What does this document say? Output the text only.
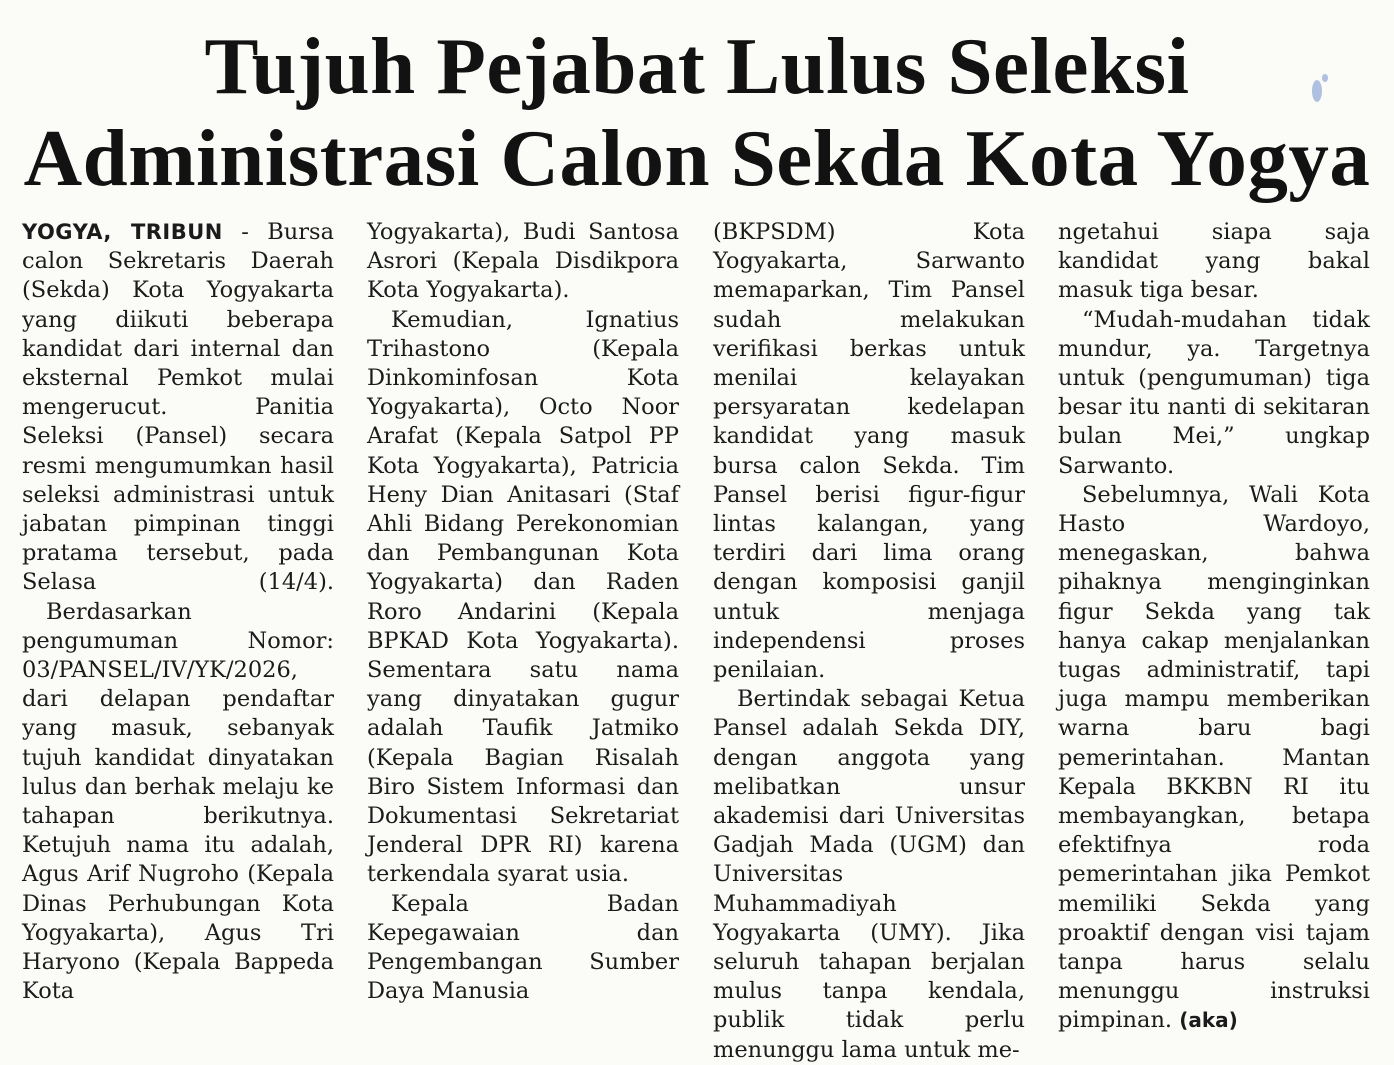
Tujuh Pejabat Lulus Seleksi
Administrasi Calon Sekda Kota Yogya

YOGYA, TRIBUN - Bursa calon Sekretaris Daerah (Sekda) Kota Yogyakarta yang diikuti beberapa kandidat dari internal dan eksternal Pemkot mulai mengerucut. Panitia Seleksi (Pansel) secara resmi mengumumkan hasil seleksi administrasi untuk jabatan pimpinan tinggi pratama tersebut, pada Selasa (14/4).

Berdasarkan pengumuman Nomor: 03/PANSEL/IV/YK/2026, dari delapan pendaftar yang masuk, sebanyak tujuh kandidat dinyatakan lulus dan berhak melaju ke tahapan berikutnya. Ketujuh nama itu adalah, Agus Arif Nugroho (Kepala Dinas Perhubungan Kota Yogyakarta), Agus Tri Haryono (Kepala Bappeda Kota

Yogyakarta), Budi Santosa Asrori (Kepala Disdikpora Kota Yogyakarta).

Kemudian, Ignatius Trihastono (Kepala Dinkominfosan Kota Yogyakarta), Octo Noor Arafat (Kepala Satpol PP Kota Yogyakarta), Patricia Heny Dian Anitasari (Staf Ahli Bidang Perekonomian dan Pembangunan Kota Yogyakarta) dan Raden Roro Andarini (Kepala BPKAD Kota Yogyakarta). Sementara satu nama yang dinyatakan gugur adalah Taufik Jatmiko (Kepala Bagian Risalah Biro Sistem Informasi dan Dokumentasi Sekretariat Jenderal DPR RI) karena terkendala syarat usia.

Kepala Badan Kepegawaian dan Pengembangan Sumber Daya Manusia

(BKPSDM) Kota Yogyakarta, Sarwanto memaparkan, Tim Pansel sudah melakukan verifikasi berkas untuk menilai kelayakan persyaratan kedelapan kandidat yang masuk bursa calon Sekda. Tim Pansel berisi figur-figur lintas kalangan, yang terdiri dari lima orang dengan komposisi ganjil untuk menjaga independensi proses penilaian.

Bertindak sebagai Ketua Pansel adalah Sekda DIY, dengan anggota yang melibatkan unsur akademisi dari Universitas Gadjah Mada (UGM) dan Universitas Muhammadiyah Yogyakarta (UMY). Jika seluruh tahapan berjalan mulus tanpa kendala, publik tidak perlu menunggu lama untuk me-

ngetahui siapa saja kandidat yang bakal masuk tiga besar.

“Mudah-mudahan tidak mundur, ya. Targetnya untuk (pengumuman) tiga besar itu nanti di sekitaran bulan Mei,” ungkap Sarwanto.

Sebelumnya, Wali Kota Hasto Wardoyo, menegaskan, bahwa pihaknya menginginkan figur Sekda yang tak hanya cakap menjalankan tugas administratif, tapi juga mampu memberikan warna baru bagi pemerintahan. Mantan Kepala BKKBN RI itu membayangkan, betapa efektifnya roda pemerintahan jika Pemkot memiliki Sekda yang proaktif dengan visi tajam tanpa harus selalu menunggu instruksi pimpinan. (aka)
